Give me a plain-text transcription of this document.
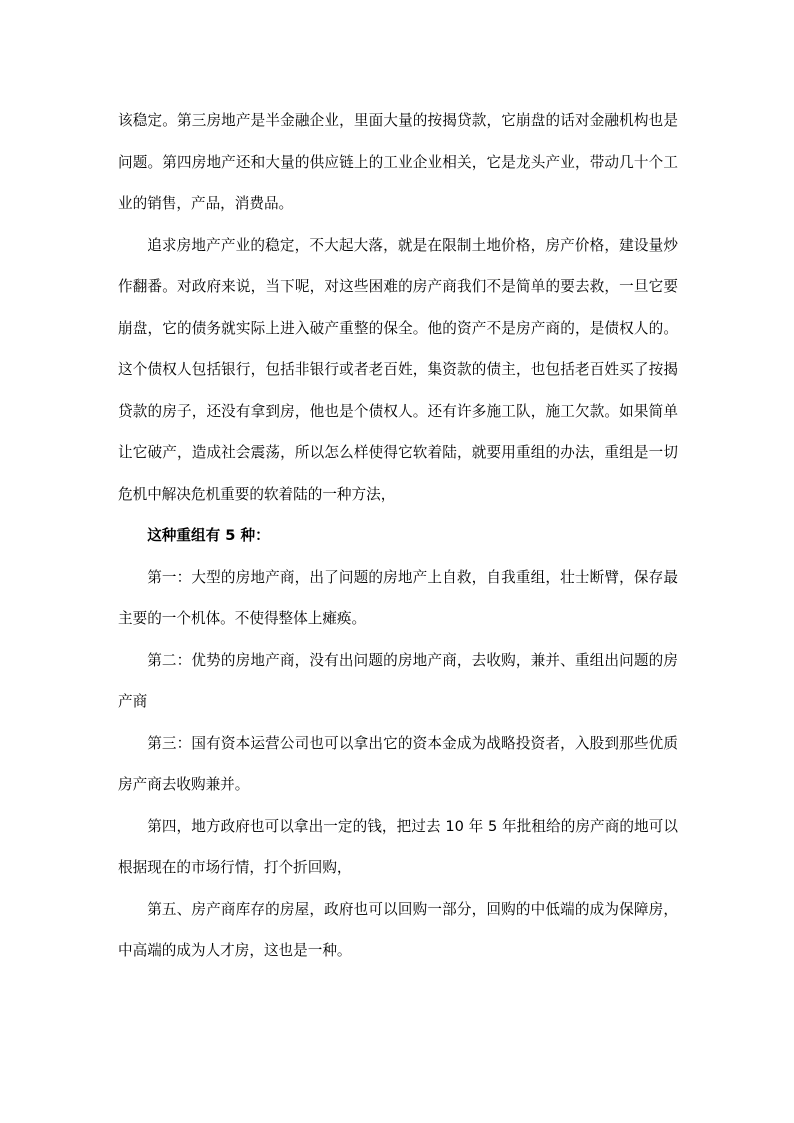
该稳定。第三房地产是半金融企业，里面大量的按揭贷款，它崩盘的话对金融机构也是问题。第四房地产还和大量的供应链上的工业企业相关，它是龙头产业，带动几十个工业的销售，产品，消费品。

追求房地产产业的稳定，不大起大落，就是在限制土地价格，房产价格，建设量炒作翻番。对政府来说，当下呢，对这些困难的房产商我们不是简单的要去救，一旦它要崩盘，它的债务就实际上进入破产重整的保全。他的资产不是房产商的，是债权人的。这个债权人包括银行，包括非银行或者老百姓，集资款的债主，也包括老百姓买了按揭贷款的房子，还没有拿到房，他也是个债权人。还有许多施工队，施工欠款。如果简单让它破产，造成社会震荡，所以怎么样使得它软着陆，就要用重组的办法，重组是一切危机中解决危机重要的软着陆的一种方法，

这种重组有 5 种：

第一：大型的房地产商，出了问题的房地产上自救，自我重组，壮士断臂，保存最主要的一个机体。不使得整体上瘫痪。

第二：优势的房地产商，没有出问题的房地产商，去收购，兼并、重组出问题的房产商

第三：国有资本运营公司也可以拿出它的资本金成为战略投资者，入股到那些优质房产商去收购兼并。

第四，地方政府也可以拿出一定的钱，把过去 10 年 5 年批租给的房产商的地可以根据现在的市场行情，打个折回购，

第五、房产商库存的房屋，政府也可以回购一部分，回购的中低端的成为保障房，中高端的成为人才房，这也是一种。
